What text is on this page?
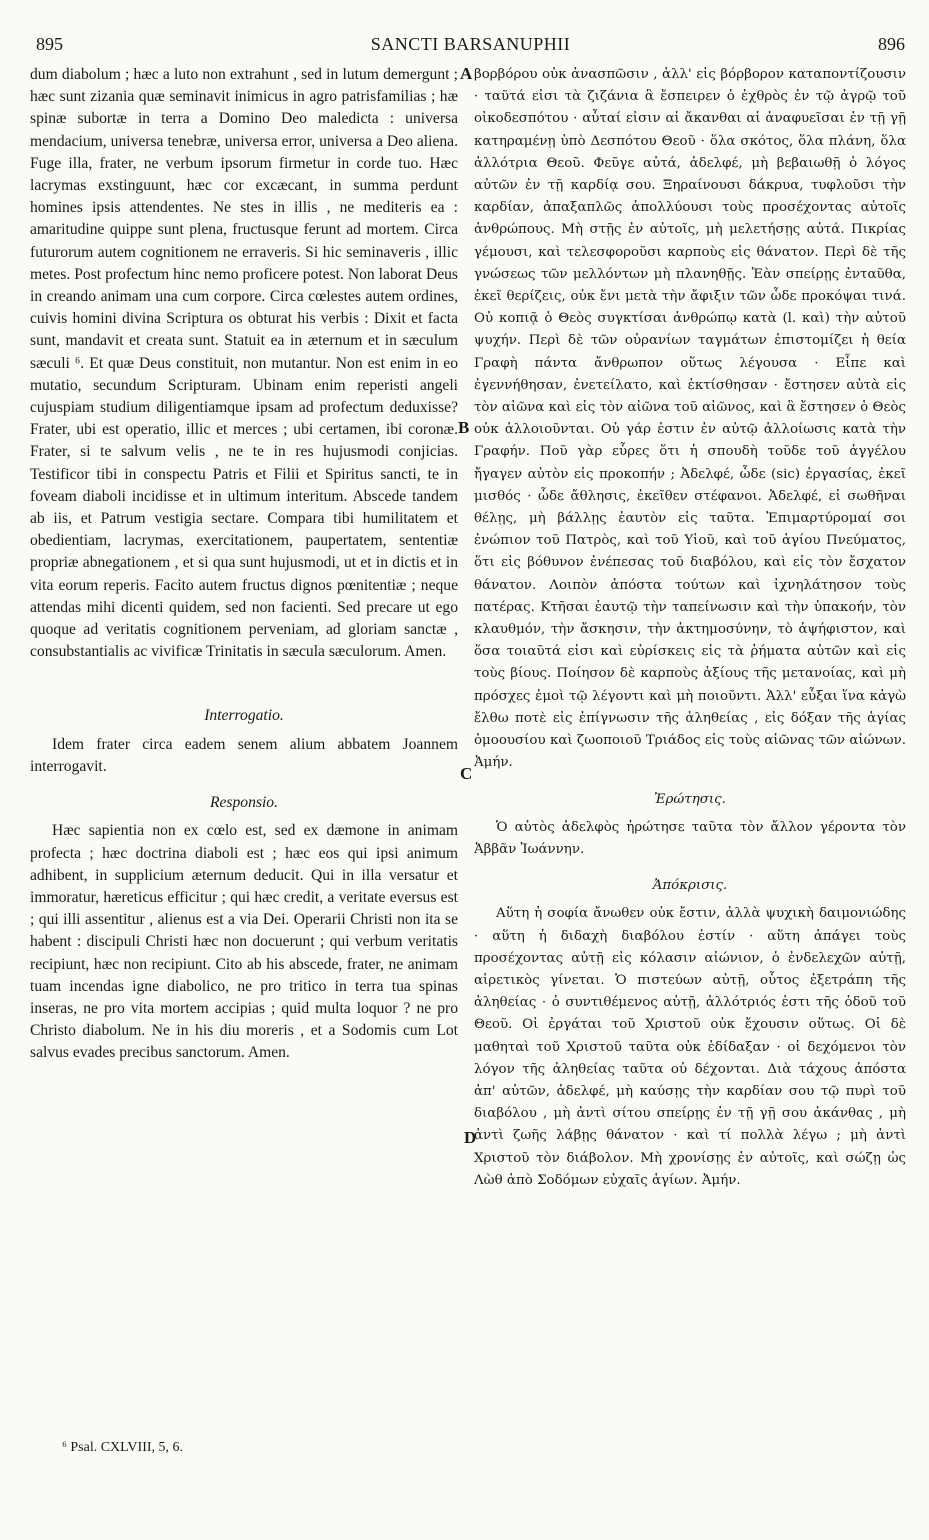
895	SANCTI BARSANUPHII	896
A
B
C
D

dum diabolum ; hæc a luto non extrahunt , sed in lutum demergunt ; hæc sunt zizania quæ seminavit inimicus in agro patrisfamilias ; hæ spinæ subortæ in terra a Domino Deo maledicta : universa mendacium, universa tenebræ, universa error, universa a Deo aliena. Fuge illa, frater, ne verbum ipsorum firmetur in corde tuo. Hæc lacrymas exstinguunt, hæc cor excæcant, in summa perdunt homines ipsis attendentes. Ne stes in illis , ne mediteris ea : amaritudine quippe sunt plena, fructusque ferunt ad mortem. Circa futurorum autem cognitionem ne erraveris. Si hic seminaveris , illic metes. Post profectum hinc nemo proficere potest. Non laborat Deus in creando animam una cum corpore. Circa cœlestes autem ordines, cuivis homini divina Scriptura os obturat his verbis : Dixit et facta sunt, mandavit et creata sunt. Statuit ea in æternum et in sæculum sæculi ⁶. Et quæ Deus constituit, non mutantur. Non est enim in eo mutatio, secundum Scripturam. Ubinam enim reperisti angeli cujuspiam studium diligentiamque ipsam ad profectum deduxisse? Frater, ubi est operatio, illic et merces ; ubi certamen, ibi coronæ. Frater, si te salvum velis , ne te in res hujusmodi conjicias. Testificor tibi in conspectu Patris et Filii et Spiritus sancti, te in foveam diaboli incidisse et in ultimum interitum. Abscede tandem ab iis, et Patrum vestigia sectare. Compara tibi humilitatem et obedientiam, lacrymas, exercitationem, paupertatem, sententiæ propriæ abnegationem , et si qua sunt hujusmodi, ut et in dictis et in vita eorum reperis. Facito autem fructus dignos pœnitentiæ ; neque attendas mihi dicenti quidem, sed non facienti. Sed precare ut ego quoque ad veritatis cognitionem perveniam, ad gloriam sanctæ , consubstantialis ac vivificæ Trinitatis in sæcula sæculorum. Amen.

Interrogatio.

Idem frater circa eadem senem alium abbatem Joannem interrogavit.

Responsio.

Hæc sapientia non ex cœlo est, sed ex dæmone in animam profecta ; hæc doctrina diaboli est ; hæc eos qui ipsi animum adhibent, in supplicium æternum deducit. Qui in illa versatur et immoratur, hæreticus efficitur ; qui hæc credit, a veritate eversus est ; qui illi assentitur , alienus est a via Dei. Operarii Christi non ita se habent : discipuli Christi hæc non docuerunt ; qui verbum veritatis recipiunt, hæc non recipiunt. Cito ab his abscede, frater, ne animam tuam incendas igne diabolico, ne pro tritico in terra tua spinas inseras, ne pro vita mortem accipias ; quid multa loquor ? ne pro Christo diabolum. Ne in his diu moreris , et a Sodomis cum Lot salvus evades precibus sanctorum. Amen.

βορβόρου οὐκ ἀνασπῶσιν , ἀλλ' εἰς βόρβορον καταποντίζουσιν · ταῦτά εἰσι τὰ ζιζάνια ἃ ἔσπειρεν ὁ ἐχθρὸς ἐν τῷ ἀγρῷ τοῦ οἰκοδεσπότου · αὗταί εἰσιν αἱ ἄκανθαι αἱ ἀναφυεῖσαι ἐν τῇ γῇ κατηραμένῃ ὑπὸ Δεσπότου Θεοῦ · ὅλα σκότος, ὅλα πλάνη, ὅλα ἀλλότρια Θεοῦ. Φεῦγε αὐτά, ἀδελφέ, μὴ βεβαιωθῇ ὁ λόγος αὐτῶν ἐν τῇ καρδίᾳ σου. Ξηραίνουσι δάκρυα, τυφλοῦσι τὴν καρδίαν, ἁπαξαπλῶς ἀπολλύουσι τοὺς προσέχοντας αὐτοῖς ἀνθρώπους. Μὴ στῇς ἐν αὐτοῖς, μὴ μελετήσῃς αὐτά. Πικρίας γέμουσι, καὶ τελεσφοροῦσι καρποὺς εἰς θάνατον. Περὶ δὲ τῆς γνώσεως τῶν μελλόντων μὴ πλανηθῇς. Ἐὰν σπείρῃς ἐνταῦθα, ἐκεῖ θερίζεις, οὐκ ἔνι μετὰ τὴν ἄφιξιν τῶν ὧδε προκόψαι τινά. Οὐ κοπιᾷ ὁ Θεὸς συγκτίσαι ἀνθρώπῳ κατὰ (l. καὶ) τὴν αὐτοῦ ψυχήν. Περὶ δὲ τῶν οὐρανίων ταγμάτων ἐπιστομίζει ἡ θεία Γραφὴ πάντα ἄνθρωπον οὕτως λέγουσα · Εἶπε καὶ ἐγεννήθησαν, ἐνετείλατο, καὶ ἐκτίσθησαν · ἔστησεν αὐτὰ εἰς τὸν αἰῶνα καὶ εἰς τὸν αἰῶνα τοῦ αἰῶνος, καὶ ἃ ἔστησεν ὁ Θεὸς οὐκ ἀλλοιοῦνται. Οὐ γάρ ἐστιν ἐν αὐτῷ ἀλλοίωσις κατὰ τὴν Γραφήν. Ποῦ γὰρ εὗρες ὅτι ἡ σπουδὴ τοῦδε τοῦ ἀγγέλου ἤγαγεν αὐτὸν εἰς προκοπήν ; Ἀδελφέ, ὧδε (sic) ἐργασίας, ἐκεῖ μισθός · ὧδε ἄθλησις, ἐκεῖθεν στέφανοι. Ἀδελφέ, εἰ σωθῆναι θέλῃς, μὴ βάλλῃς ἑαυτὸν εἰς ταῦτα. Ἐπιμαρτύρομαί σοι ἐνώπιον τοῦ Πατρὸς, καὶ τοῦ Υἱοῦ, καὶ τοῦ ἁγίου Πνεύματος, ὅτι εἰς βόθυνον ἐνέπεσας τοῦ διαβόλου, καὶ εἰς τὸν ἔσχατον θάνατον. Λοιπὸν ἀπόστα τούτων καὶ ἰχνηλάτησον τοὺς πατέρας. Κτῆσαι ἑαυτῷ τὴν ταπείνωσιν καὶ τὴν ὑπακοήν, τὸν κλαυθμόν, τὴν ἄσκησιν, τὴν ἀκτημοσύνην, τὸ ἀψήφιστον, καὶ ὅσα τοιαῦτά εἰσι καὶ εὑρίσκεις εἰς τὰ ῥήματα αὐτῶν καὶ εἰς τοὺς βίους. Ποίησον δὲ καρποὺς ἀξίους τῆς μετανοίας, καὶ μὴ πρόσχες ἐμοὶ τῷ λέγοντι καὶ μὴ ποιοῦντι. Ἀλλ' εὖξαι ἵνα κἀγὼ ἔλθω ποτὲ εἰς ἐπίγνωσιν τῆς ἀληθείας , εἰς δόξαν τῆς ἁγίας ὁμοουσίου καὶ ζωοποιοῦ Τριάδος εἰς τοὺς αἰῶνας τῶν αἰώνων. Ἀμήν.

Ἐρώτησις.

Ὁ αὐτὸς ἀδελφὸς ἠρώτησε ταῦτα τὸν ἄλλον γέροντα τὸν Ἀββᾶν Ἰωάννην.

Ἀπόκρισις.

Αὕτη ἡ σοφία ἄνωθεν οὐκ ἔστιν, ἀλλὰ ψυχικὴ δαιμονιώδης · αὕτη ἡ διδαχὴ διαβόλου ἐστίν · αὕτη ἀπάγει τοὺς προσέχοντας αὐτῇ εἰς κόλασιν αἰώνιον, ὁ ἐνδελεχῶν αὐτῇ, αἱρετικὸς γίνεται. Ὁ πιστεύων αὐτῇ, οὗτος ἐξετράπη τῆς ἀληθείας · ὁ συντιθέμενος αὐτῇ, ἀλλότριός ἐστι τῆς ὁδοῦ τοῦ Θεοῦ. Οἱ ἐργάται τοῦ Χριστοῦ οὐκ ἔχουσιν οὕτως. Οἱ δὲ μαθηταὶ τοῦ Χριστοῦ ταῦτα οὐκ ἐδίδαξαν · οἱ δεχόμενοι τὸν λόγον τῆς ἀληθείας ταῦτα οὐ δέχονται. Διὰ τάχους ἀπόστα ἀπ' αὐτῶν, ἀδελφέ, μὴ καύσῃς τὴν καρδίαν σου τῷ πυρὶ τοῦ διαβόλου , μὴ ἀντὶ σίτου σπείρῃς ἐν τῇ γῇ σου ἀκάνθας , μὴ ἀντὶ ζωῆς λάβῃς θάνατον · καὶ τί πολλὰ λέγω ; μὴ ἀντὶ Χριστοῦ τὸν διάβολον. Μὴ χρονίσῃς ἐν αὐτοῖς, καὶ σώζῃ ὡς Λὼθ ἀπὸ Σοδόμων εὐχαῖς ἁγίων. Ἀμήν.

⁶ Psal. CXLVIII, 5, 6.
